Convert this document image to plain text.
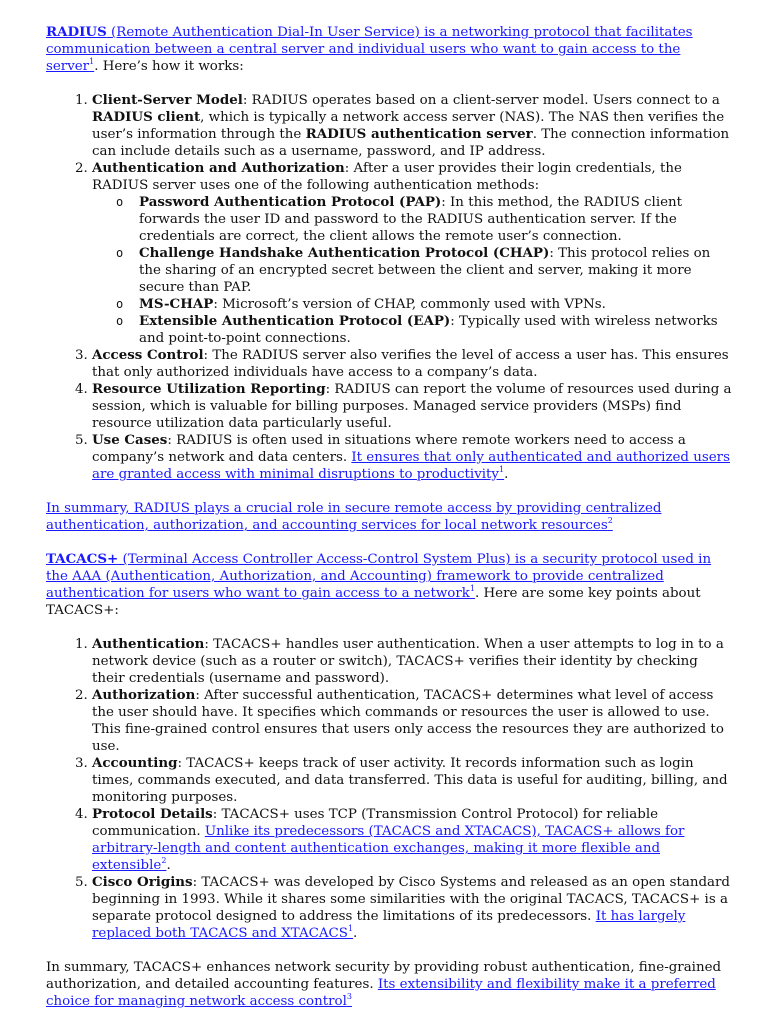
RADIUS (Remote Authentication Dial-In User Service) is a networking protocol that facilitates communication between a central server and individual users who want to gain access to the server$^1$. Here’s how it works:

1. Client-Server Model: RADIUS operates based on a client-server model. Users connect to a RADIUS client, which is typically a network access server (NAS). The NAS then verifies the user’s information through the RADIUS authentication server. The connection information can include details such as a username, password, and IP address.
2. Authentication and Authorization: After a user provides their login credentials, the RADIUS server uses one of the following authentication methods:
o Password Authentication Protocol (PAP): In this method, the RADIUS client forwards the user ID and password to the RADIUS authentication server. If the credentials are correct, the client allows the remote user’s connection.
o Challenge Handshake Authentication Protocol (CHAP): This protocol relies on the sharing of an encrypted secret between the client and server, making it more secure than PAP.
o MS-CHAP: Microsoft’s version of CHAP, commonly used with VPNs.
o Extensible Authentication Protocol (EAP): Typically used with wireless networks and point-to-point connections.
3. Access Control: The RADIUS server also verifies the level of access a user has. This ensures that only authorized individuals have access to a company’s data.
4. Resource Utilization Reporting: RADIUS can report the volume of resources used during a session, which is valuable for billing purposes. Managed service providers (MSPs) find resource utilization data particularly useful.
5. Use Cases: RADIUS is often used in situations where remote workers need to access a company’s network and data centers. It ensures that only authenticated and authorized users are granted access with minimal disruptions to productivity$^1$.

In summary, RADIUS plays a crucial role in secure remote access by providing centralized authentication, authorization, and accounting services for local network resources$^2$

TACACS+ (Terminal Access Controller Access-Control System Plus) is a security protocol used in the AAA (Authentication, Authorization, and Accounting) framework to provide centralized authentication for users who want to gain access to a network$^1$. Here are some key points about TACACS+:

1. Authentication: TACACS+ handles user authentication. When a user attempts to log in to a network device (such as a router or switch), TACACS+ verifies their identity by checking their credentials (username and password).
2. Authorization: After successful authentication, TACACS+ determines what level of access the user should have. It specifies which commands or resources the user is allowed to use. This fine-grained control ensures that users only access the resources they are authorized to use.
3. Accounting: TACACS+ keeps track of user activity. It records information such as login times, commands executed, and data transferred. This data is useful for auditing, billing, and monitoring purposes.
4. Protocol Details: TACACS+ uses TCP (Transmission Control Protocol) for reliable communication. Unlike its predecessors (TACACS and XTACACS), TACACS+ allows for arbitrary-length and content authentication exchanges, making it more flexible and extensible$^2$.
5. Cisco Origins: TACACS+ was developed by Cisco Systems and released as an open standard beginning in 1993. While it shares some similarities with the original TACACS, TACACS+ is a separate protocol designed to address the limitations of its predecessors. It has largely replaced both TACACS and XTACACS$^1$.

In summary, TACACS+ enhances network security by providing robust authentication, fine-grained authorization, and detailed accounting features. Its extensibility and flexibility make it a preferred choice for managing network access control$^3$
